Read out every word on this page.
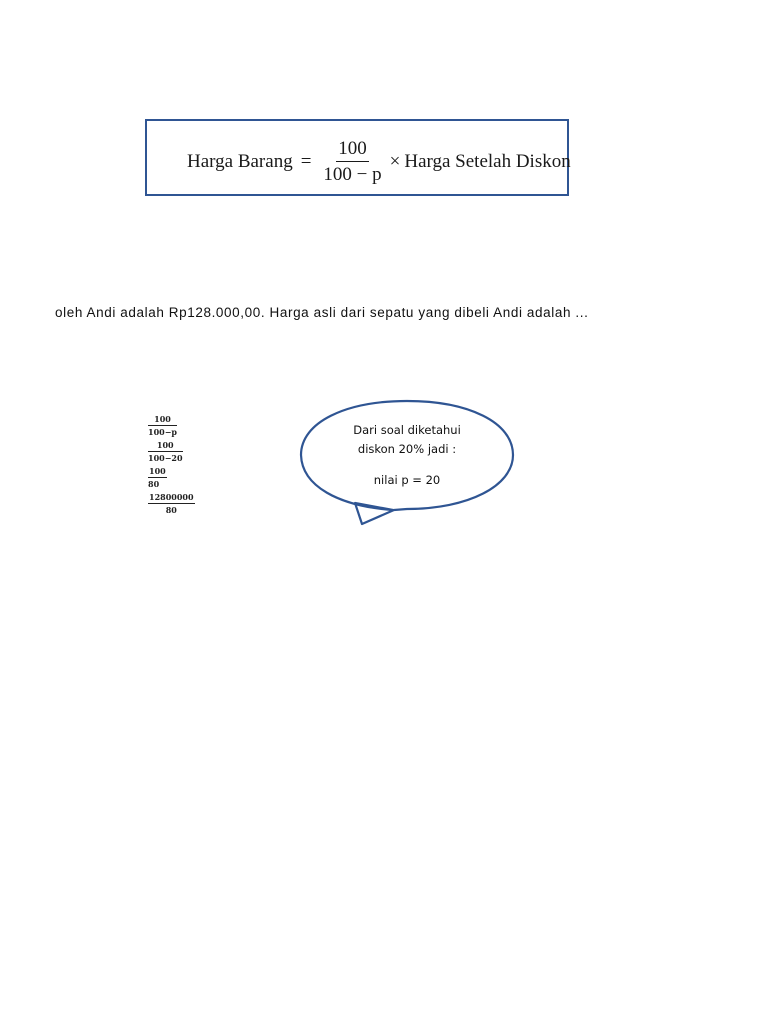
Harga Barang = $\frac{100}{100 - p}$ × Harga Setelah Diskon
oleh Andi adalah Rp128.000,00. Harga asli dari sepatu yang dibeli Andi adalah ...
100
100−p
100
100−20
100
80
12800000
80
Dari soal diketahui
diskon 20% jadi :
nilai p = 20
